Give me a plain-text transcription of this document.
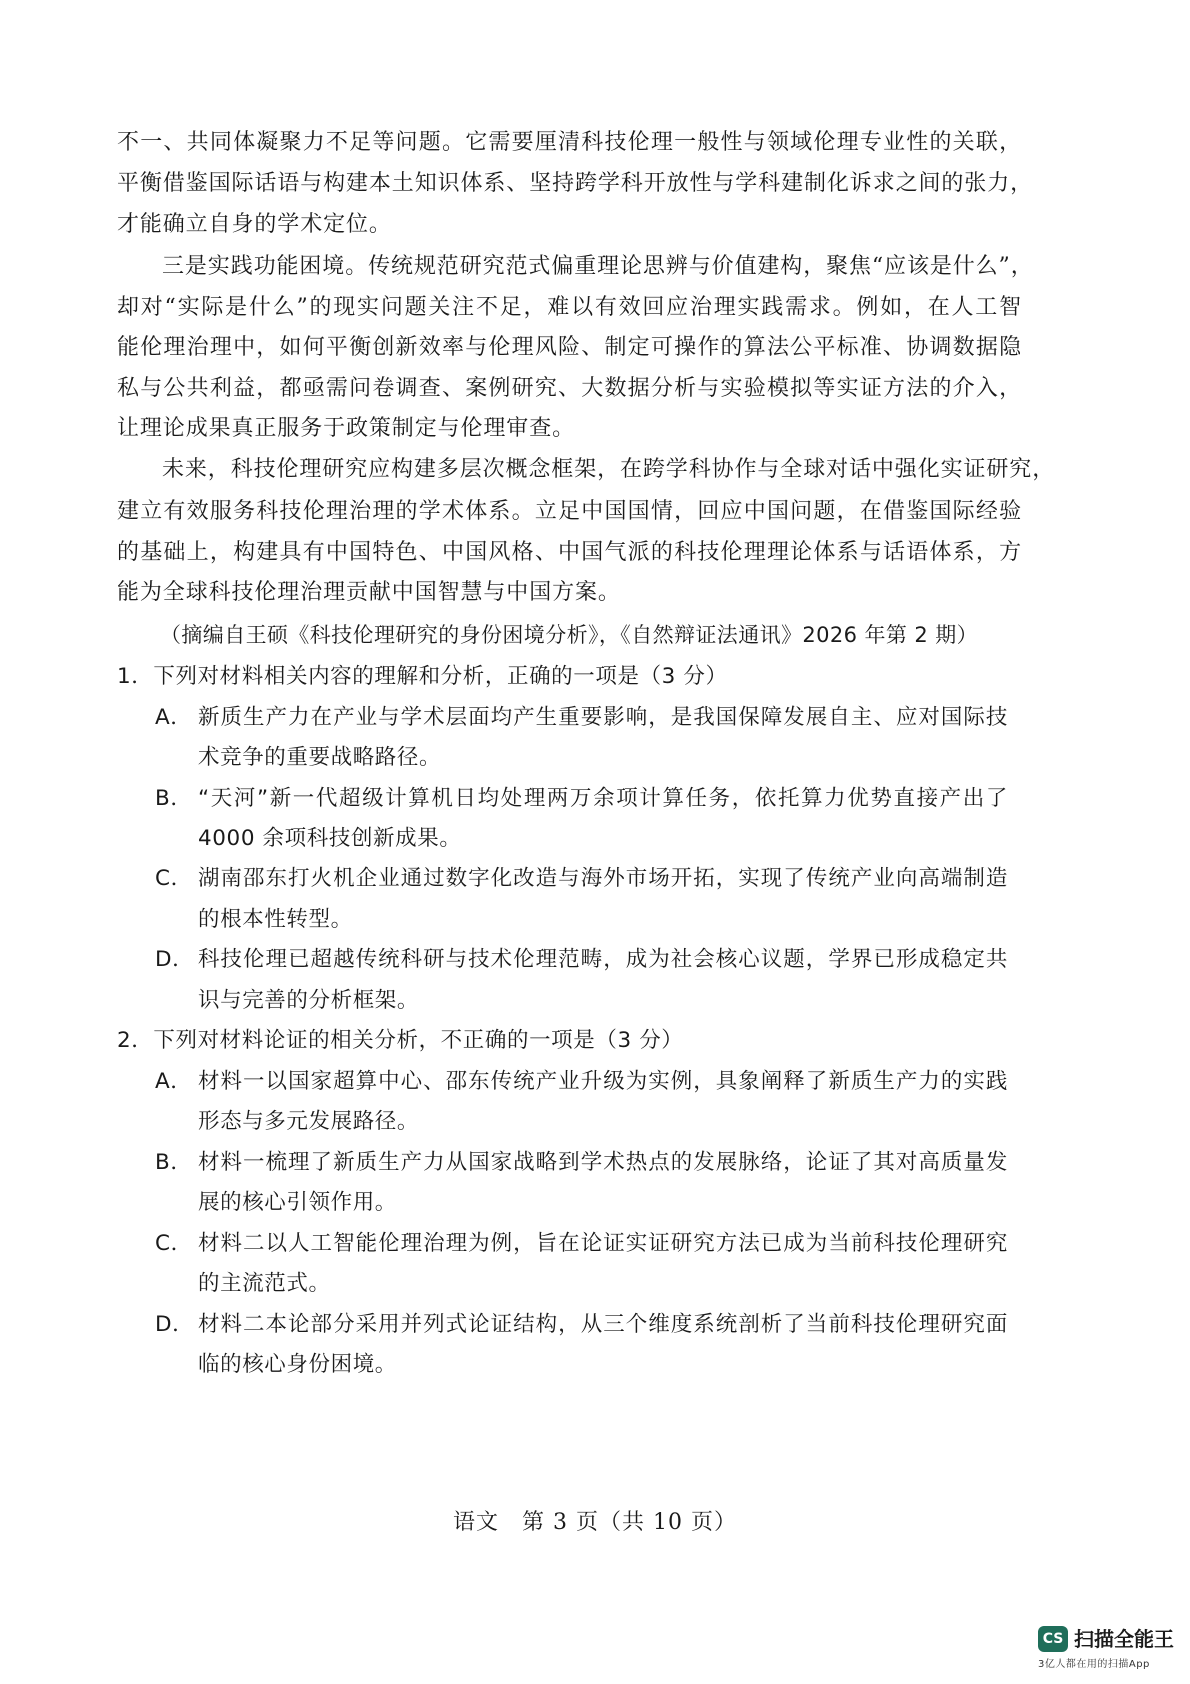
不一、共同体凝聚力不足等问题。它需要厘清科技伦理一般性与领域伦理专业性的关联，
平衡借鉴国际话语与构建本土知识体系、坚持跨学科开放性与学科建制化诉求之间的张力，
才能确立自身的学术定位。
三是实践功能困境。传统规范研究范式偏重理论思辨与价值建构，聚焦“应该是什么”，
却对“实际是什么”的现实问题关注不足，难以有效回应治理实践需求。例如，在人工智
能伦理治理中，如何平衡创新效率与伦理风险、制定可操作的算法公平标准、协调数据隐
私与公共利益，都亟需问卷调查、案例研究、大数据分析与实验模拟等实证方法的介入，
让理论成果真正服务于政策制定与伦理审查。
未来，科技伦理研究应构建多层次概念框架，在跨学科协作与全球对话中强化实证研究，
建立有效服务科技伦理治理的学术体系。立足中国国情，回应中国问题，在借鉴国际经验
的基础上，构建具有中国特色、中国风格、中国气派的科技伦理理论体系与话语体系，方
能为全球科技伦理治理贡献中国智慧与中国方案。
（摘编自王硕《科技伦理研究的身份困境分析》，《自然辩证法通讯》2026 年第 2 期）
1．下列对材料相关内容的理解和分析，正确的一项是（3 分）
A． 新质生产力在产业与学术层面均产生重要影响，是我国保障发展自主、应对国际技
术竞争的重要战略路径。
B． “天河”新一代超级计算机日均处理两万余项计算任务，依托算力优势直接产出了
4000 余项科技创新成果。
C． 湖南邵东打火机企业通过数字化改造与海外市场开拓，实现了传统产业向高端制造
的根本性转型。
D． 科技伦理已超越传统科研与技术伦理范畴，成为社会核心议题，学界已形成稳定共
识与完善的分析框架。
2．下列对材料论证的相关分析，不正确的一项是（3 分）
A． 材料一以国家超算中心、邵东传统产业升级为实例，具象阐释了新质生产力的实践
形态与多元发展路径。
B． 材料一梳理了新质生产力从国家战略到学术热点的发展脉络，论证了其对高质量发
展的核心引领作用。
C． 材料二以人工智能伦理治理为例，旨在论证实证研究方法已成为当前科技伦理研究
的主流范式。
D． 材料二本论部分采用并列式论证结构，从三个维度系统剖析了当前科技伦理研究面
临的核心身份困境。
语文　第 3 页（共 10 页）
CS 扫描全能王
3亿人都在用的扫描App
